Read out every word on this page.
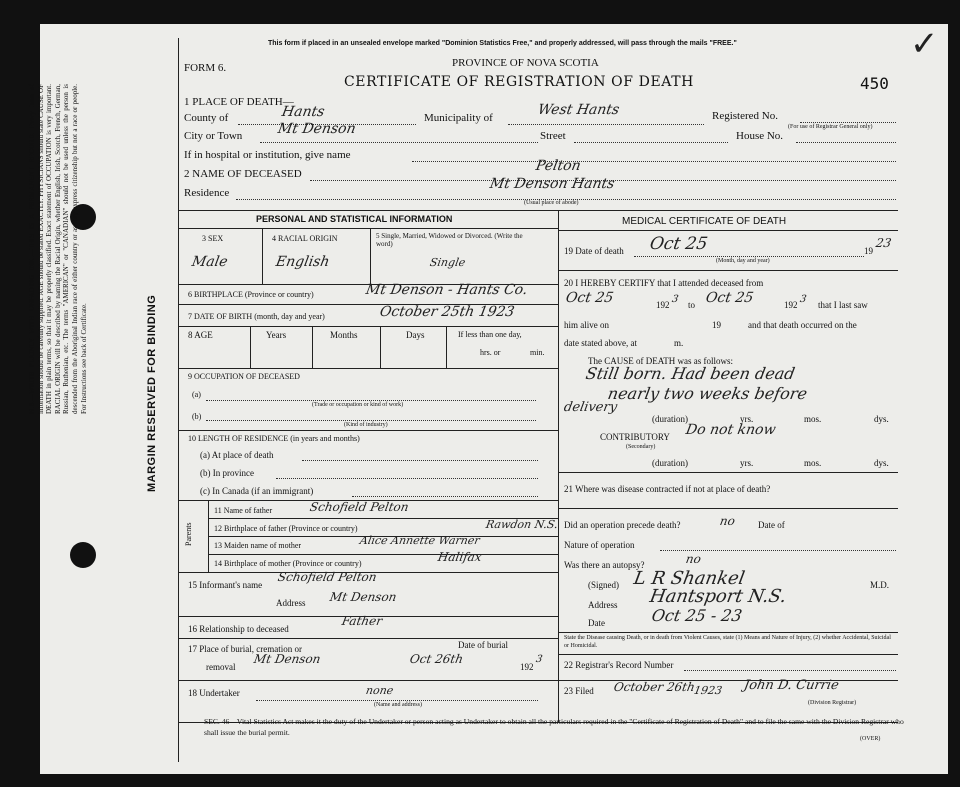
N.B.—WRITE PLAINLY WITH UNFADING INK.—THIS IS A PERMANENT RECORD. Every item of information should be carefully supplied. AGE should be stated EXACTLY. PHYSICIANS should state CAUSE OF DEATH in plain terms, so that it may be properly classified. Exact statement of OCCUPATION is very important. RACIAL ORIGIN will be described by naming the Racial Origin, whether English, Irish, Scotch, French, German, Russian, Ruthenian, etc. The terms "AMERICAN" or "CANADIAN" should not be used unless the person is descended from the Aboriginal Indian race of either country or as they express citizenship but not a race or people. For Instructions see back of Certificate.	MARGIN RESERVED FOR BINDING
This form if placed in an unsealed envelope marked "Dominion Statistics Free," and properly addressed, will pass through the mails "FREE."
FORM 6.	PROVINCE OF NOVA SCOTIA
CERTIFICATE OF REGISTRATION OF DEATH	450
✓
1 PLACE OF DEATH—
County of	Hants	Municipality of	West Hants	Registered No.
(For use of Registrar General only)
City or Town Mt Denson	Street	House No.
If in hospital or institution, give name
2 NAME OF DECEASED	Pelton
Residence
Mt Denson Hants
(Usual place of abode)
PERSONAL AND STATISTICAL INFORMATION
3 SEX	4 RACIAL ORIGIN	5 Single, Married, Widowed or Divorced. (Write the word)
Male	English	Single
6 BIRTHPLACE (Province or country)	Mt Denson - Hants Co.
7 DATE OF BIRTH (month, day and year)	October 25th 1923
8 AGE	Years	Months	Days	If less than one day,
hrs. or	min.
9 OCCUPATION OF DECEASED
(a)
(Trade or occupation or kind of work)
(b)
(Kind of industry)
10 LENGTH OF RESIDENCE (in years and months)
(a) At place of death
(b) In province
(c) In Canada (if an immigrant)
Parents
11 Name of father	Schofield Pelton
12 Birthplace of father (Province or country)	Rawdon N.S.
13 Maiden name of mother	Alice Annette Warner
14 Birthplace of mother (Province or country)	Halifax
15 Informant's name
Schofield Pelton
Address Mt Denson
16 Relationship to deceased
Father
17 Place of burial, cremation or
removal
Mt Denson
Date of burial
Oct 26th
192
3
18 Undertaker	none
(Name and address)
MEDICAL CERTIFICATE OF DEATH
19 Date of death Oct 25	19
23
(Month, day and year)
20 I HEREBY CERTIFY that I attended deceased from
Oct 25	192 3 to Oct 25	192 3 that I last saw
him alive on	19	and that death occurred on the
date stated above, at	m.
The CAUSE of DEATH was as follows:
Still born. Had been dead
nearly two weeks before
delivery
(duration)	yrs.	mos.	dys.
CONTRIBUTORY Do not know
(Secondary)
(duration)	yrs.	mos.	dys.
21 Where was disease contracted if not at place of death?
Did an operation precede death?	no Date of
Nature of operation
Was there an autopsy?	no
(Signed) L R Shankel	M.D.
Address Hantsport N.S.
Date	Oct 25 - 23
State the Disease causing Death, or in death from Violent Causes, state (1) Means and Nature of Injury, (2) whether Accidental, Suicidal or Homicidal.
22 Registrar's Record Number
23 Filed October 26th
1923 John D. Currie
(Division Registrar)
SEC. 46—Vital Statistics Act makes it the duty of the Undertaker or person acting as Undertaker to obtain all the particulars required in the "Certificate of Registration of Death" and to file the same with the Division Registrar who shall issue the burial permit.
(OVER)
